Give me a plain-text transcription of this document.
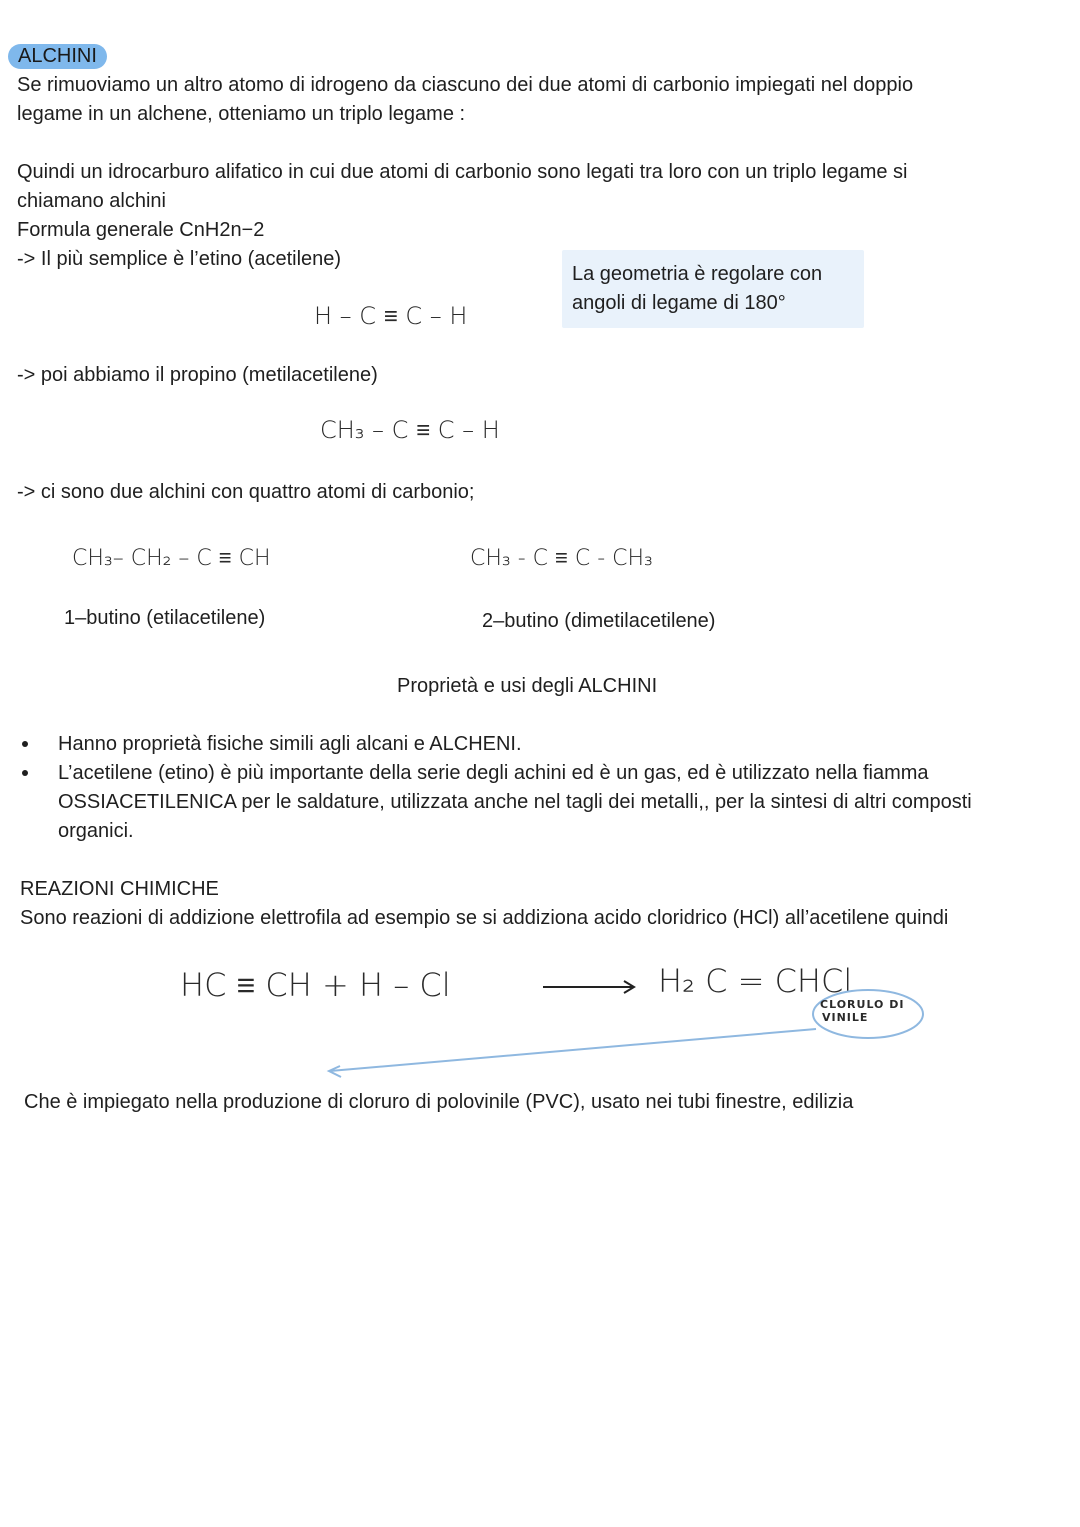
ALCHINI
Se rimuoviamo un altro atomo di idrogeno da ciascuno dei due atomi di carbonio impiegati nel doppio
legame in un alchene, otteniamo un triplo legame :
Quindi un idrocarburo alifatico in cui due atomi di carbonio sono legati tra loro con un triplo legame si
chiamano alchini
Formula generale CnH2n−2
-> Il più semplice è l’etino (acetilene)
La geometria è regolare con
angoli di legame di 180°
H – C ≡ C – H
-> poi abbiamo il propino (metilacetilene)
CH₃ – C ≡ C – H
-> ci sono due alchini con quattro atomi di carbonio;
CH₃– CH₂ – C ≡ CH	CH₃ - C ≡ C - CH₃
1–butino (etilacetilene)	2–butino (dimetilacetilene)
Proprietà e usi degli ALCHINI
Hanno proprietà fisiche simili agli alcani e ALCHENI.
L’acetilene (etino) è più importante della serie degli achini ed è un gas, ed è utilizzato nella fiamma
OSSIACETILENICA per le saldature, utilizzata anche nel tagli dei metalli,, per la sintesi di altri composti
organici.
REAZIONI CHIMICHE
Sono reazioni di addizione elettrofila ad esempio se si addiziona acido cloridrico (HCl) all’acetilene quindi
HC ≡ CH + H – Cl	H₂ C = CHCl
CLORULO DI
VINILE
Che è impiegato nella produzione di cloruro di polovinile (PVC), usato nei tubi finestre, edilizia
